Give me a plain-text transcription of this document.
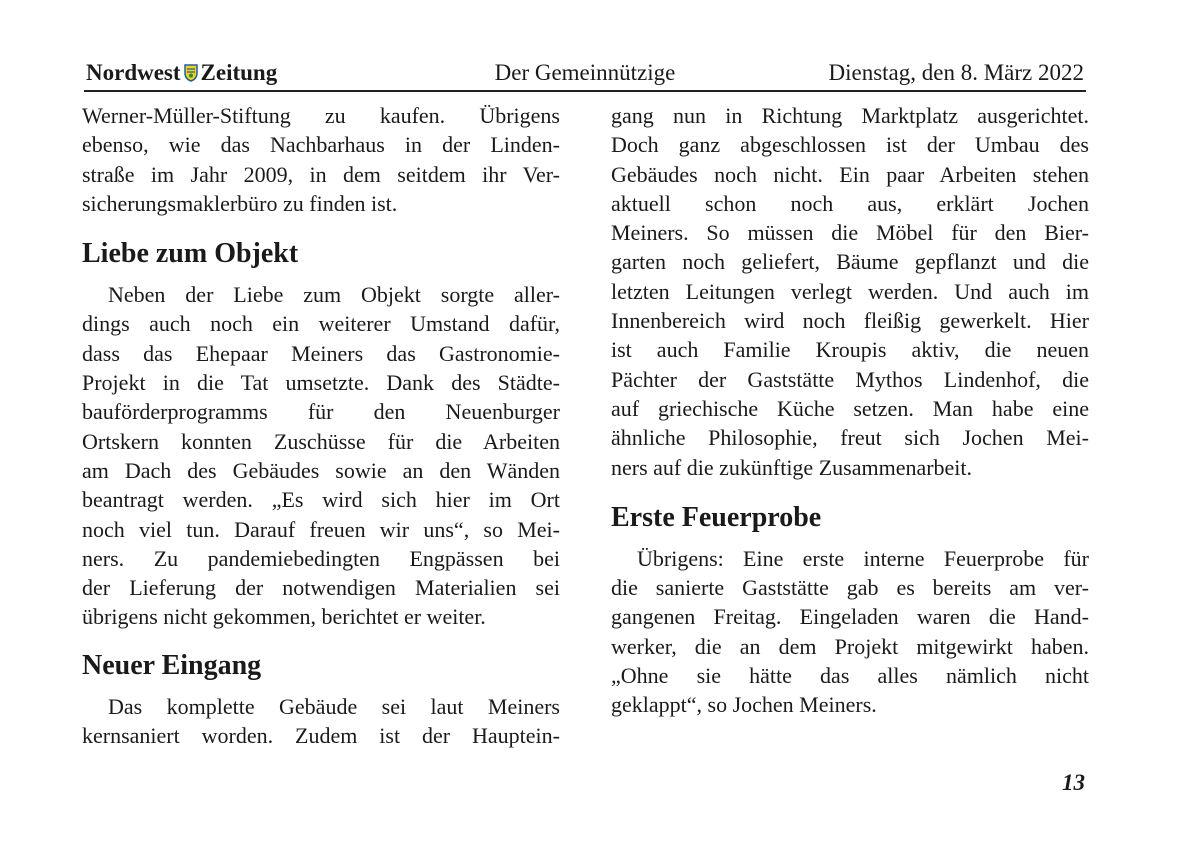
Nordwest Zeitung	Der Gemeinnützige	Dienstag, den 8. März 2022

Werner-Müller-Stiftung zu kaufen. Übrigens

ebenso, wie das Nachbarhaus in der Linden-

straße im Jahr 2009, in dem seitdem ihr Ver-

sicherungsmaklerbüro zu finden ist.

Liebe zum Objekt

Neben der Liebe zum Objekt sorgte aller-

dings auch noch ein weiterer Umstand dafür,

dass das Ehepaar Meiners das Gastronomie-

Projekt in die Tat umsetzte. Dank des Städte-

bauförderprogramms für den Neuenburger

Ortskern konnten Zuschüsse für die Arbeiten

am Dach des Gebäudes sowie an den Wänden

beantragt werden. „Es wird sich hier im Ort

noch viel tun. Darauf freuen wir uns“, so Mei-

ners. Zu pandemiebedingten Engpässen bei

der Lieferung der notwendigen Materialien sei

übrigens nicht gekommen, berichtet er weiter.

Neuer Eingang

Das komplette Gebäude sei laut Meiners

kernsaniert worden. Zudem ist der Hauptein-

gang nun in Richtung Marktplatz ausgerichtet.

Doch ganz abgeschlossen ist der Umbau des

Gebäudes noch nicht. Ein paar Arbeiten stehen

aktuell schon noch aus, erklärt Jochen

Meiners. So müssen die Möbel für den Bier-

garten noch geliefert, Bäume gepflanzt und die

letzten Leitungen verlegt werden. Und auch im

Innenbereich wird noch fleißig gewerkelt. Hier

ist auch Familie Kroupis aktiv, die neuen

Pächter der Gaststätte Mythos Lindenhof, die

auf griechische Küche setzen. Man habe eine

ähnliche Philosophie, freut sich Jochen Mei-

ners auf die zukünftige Zusammenarbeit.

Erste Feuerprobe

Übrigens: Eine erste interne Feuerprobe für

die sanierte Gaststätte gab es bereits am ver-

gangenen Freitag. Eingeladen waren die Hand-

werker, die an dem Projekt mitgewirkt haben.

„Ohne sie hätte das alles nämlich nicht

geklappt“, so Jochen Meiners.

13
